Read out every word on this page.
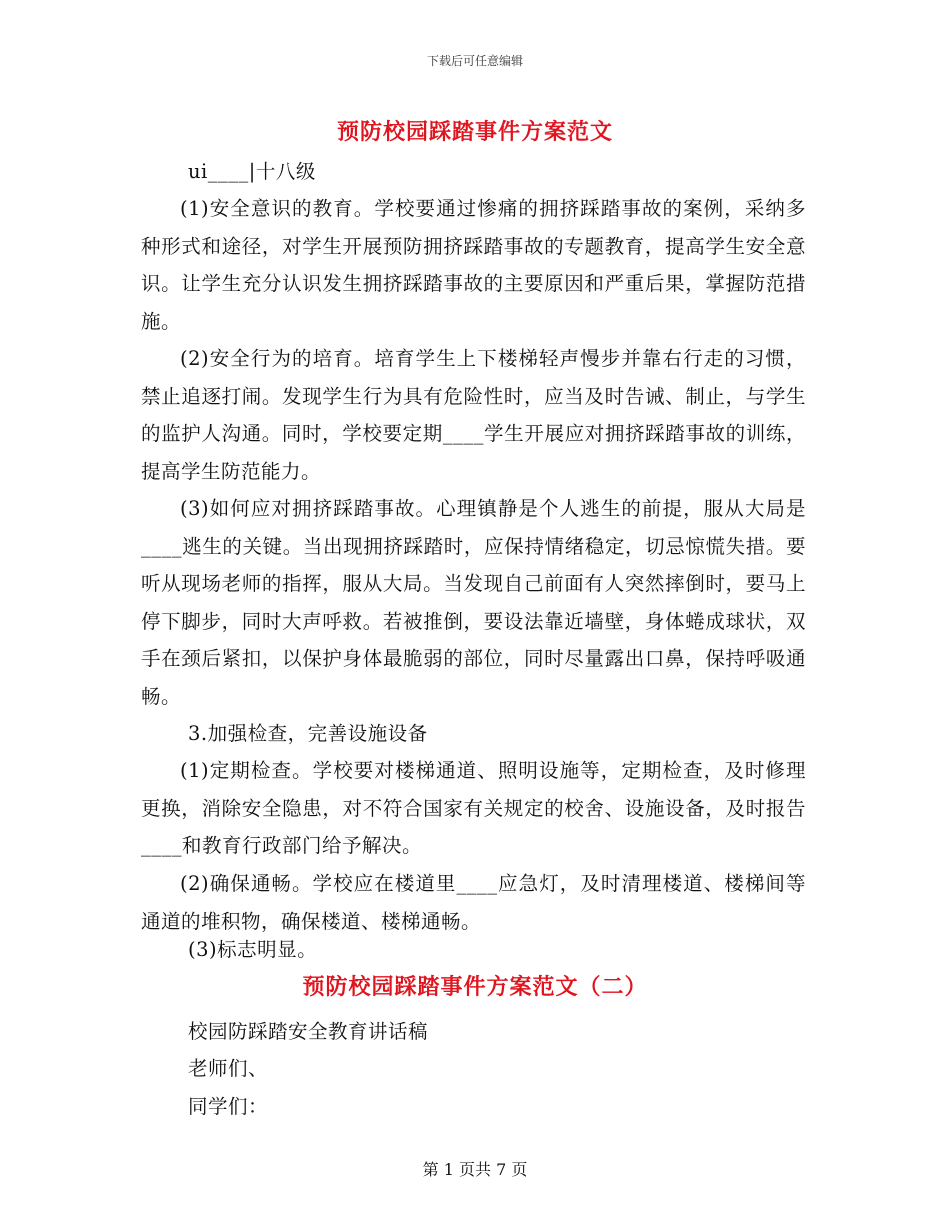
下载后可任意编辑
预防校园踩踏事件方案范文

ui____|十八级

(1)安全意识的教育。学校要通过惨痛的拥挤踩踏事故的案例，采纳多种形式和途径，对学生开展预防拥挤踩踏事故的专题教育，提高学生安全意识。让学生充分认识发生拥挤踩踏事故的主要原因和严重后果，掌握防范措施。

(2)安全行为的培育。培育学生上下楼梯轻声慢步并靠右行走的习惯，禁止追逐打闹。发现学生行为具有危险性时，应当及时告诫、制止，与学生的监护人沟通。同时，学校要定期____学生开展应对拥挤踩踏事故的训练，提高学生防范能力。

(3)如何应对拥挤踩踏事故。心理镇静是个人逃生的前提，服从大局是____逃生的关键。当出现拥挤踩踏时，应保持情绪稳定，切忌惊慌失措。要听从现场老师的指挥，服从大局。当发现自己前面有人突然摔倒时，要马上停下脚步，同时大声呼救。若被推倒，要设法靠近墙壁，身体蜷成球状，双手在颈后紧扣，以保护身体最脆弱的部位，同时尽量露出口鼻，保持呼吸通畅。

3.加强检查，完善设施设备

(1)定期检查。学校要对楼梯通道、照明设施等，定期检查，及时修理更换，消除安全隐患，对不符合国家有关规定的校舍、设施设备，及时报告____和教育行政部门给予解决。

(2)确保通畅。学校应在楼道里____应急灯，及时清理楼道、楼梯间等通道的堆积物，确保楼道、楼梯通畅。

(3)标志明显。

预防校园踩踏事件方案范文（二）

校园防踩踏安全教育讲话稿

老师们、

同学们：

第 1 页共 7 页
